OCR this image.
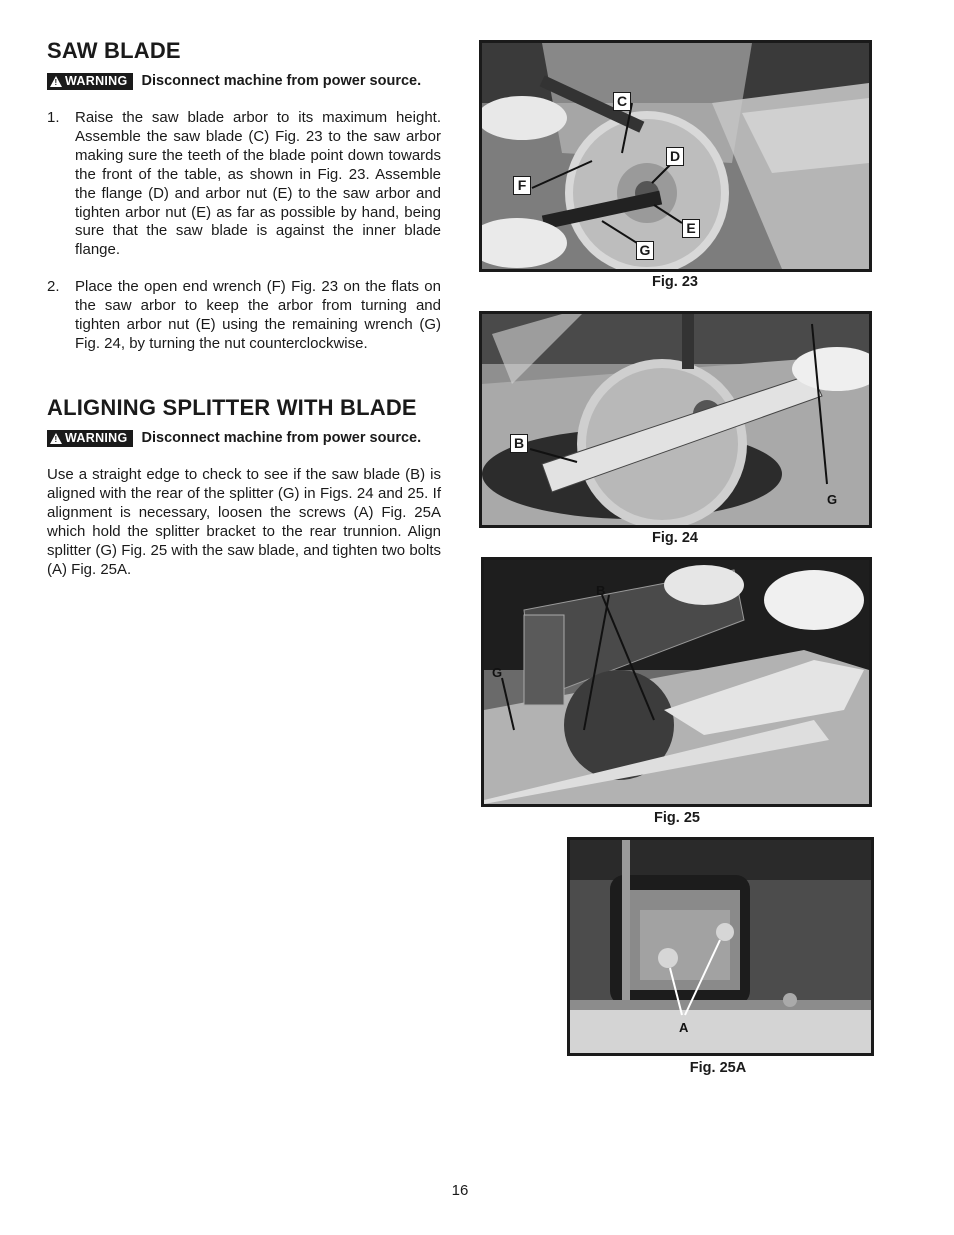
SAW BLADE
! WARNING Disconnect machine from power source.
1. Raise the saw blade arbor to its maximum height. Assemble the saw blade (C) Fig. 23 to the saw arbor making sure the teeth of the blade point down towards the front of the table, as shown in Fig. 23. Assemble the flange (D) and arbor nut (E) to the saw arbor and tighten arbor nut (E) as far as possible by hand, being sure that the saw blade is against the inner blade flange.
2. Place the open end wrench (F) Fig. 23 on the flats on the saw arbor to keep the arbor from turning and tighten arbor nut (E) using the remaining wrench (G) Fig. 24, by turning the nut counterclockwise.
ALIGNING SPLITTER WITH BLADE
! WARNING Disconnect machine from power source.
Use a straight edge to check to see if the saw blade (B) is aligned with the rear of the splitter (G) in Figs. 24 and 25. If alignment is necessary, loosen the screws (A) Fig. 25A which hold the splitter bracket to the rear trunnion. Align splitter (G) Fig. 25 with the saw blade, and tighten two bolts (A) Fig. 25A.
C
D
F
E
G
Fig. 23
B
G
Fig. 24
B
G
Fig. 25
A
Fig. 25A
16
